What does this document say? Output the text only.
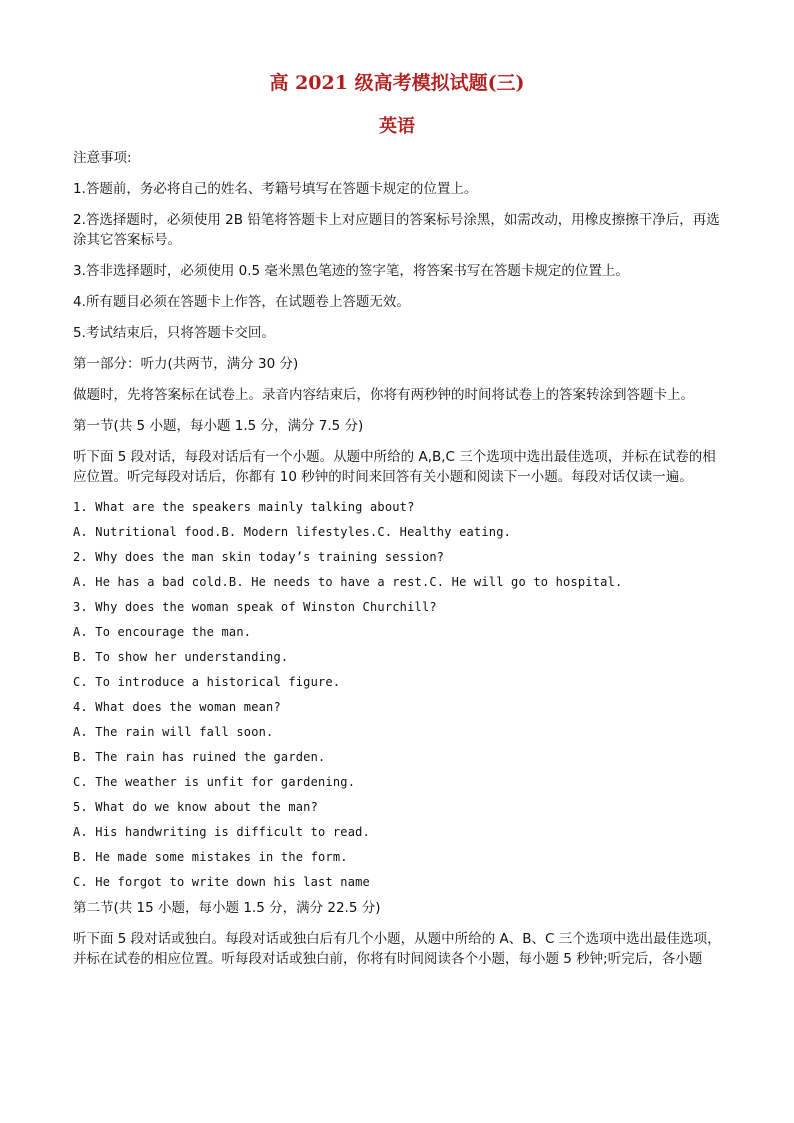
高 2021 级高考模拟试题(三)
英语

注意事项:

1.答题前，务必将自己的姓名、考籍号填写在答题卡规定的位置上。

2.答选择题时，必须使用 2B 铅笔将答题卡上对应题目的答案标号涂黑，如需改动，用橡皮擦擦干净后，再选涂其它答案标号。

3.答非选择题时，必须使用 0.5 毫米黑色笔迹的签字笔，将答案书写在答题卡规定的位置上。

4.所有题目必须在答题卡上作答，在试题卷上答题无效。

5.考试结束后，只将答题卡交回。

第一部分：听力(共两节，满分 30 分)

做题时，先将答案标在试卷上。录音内容结束后，你将有两秒钟的时间将试卷上的答案转涂到答题卡上。

第一节(共 5 小题，每小题 1.5 分，满分 7.5 分)

听下面 5 段对话，每段对话后有一个小题。从题中所给的 A,B,C 三个选项中选出最佳选项，并标在试卷的相应位置。听完每段对话后，你都有 10 秒钟的时间来回答有关小题和阅读下一小题。每段对话仅读一遍。

1. What are the speakers mainly talking about?

A. Nutritional food.B. Modern lifestyles.C. Healthy eating.

2. Why does the man skin today’s training session?

A. He has a bad cold.B. He needs to have a rest.C. He will go to hospital.

3. Why does the woman speak of Winston Churchill?

A. To encourage the man.

B. To show her understanding.

C. To introduce a historical figure.

4. What does the woman mean?

A. The rain will fall soon.

B. The rain has ruined the garden.

C. The weather is unfit for gardening.

5. What do we know about the man?

A. His handwriting is difficult to read.

B. He made some mistakes in the form.

C. He forgot to write down his last name

第二节(共 15 小题，每小题 1.5 分，满分 22.5 分)

听下面 5 段对话或独白。每段对话或独白后有几个小题，从题中所给的 A、B、C 三个选项中选出最佳选项，并标在试卷的相应位置。听每段对话或独白前，你将有时间阅读各个小题，每小题 5 秒钟;听完后，各小题
